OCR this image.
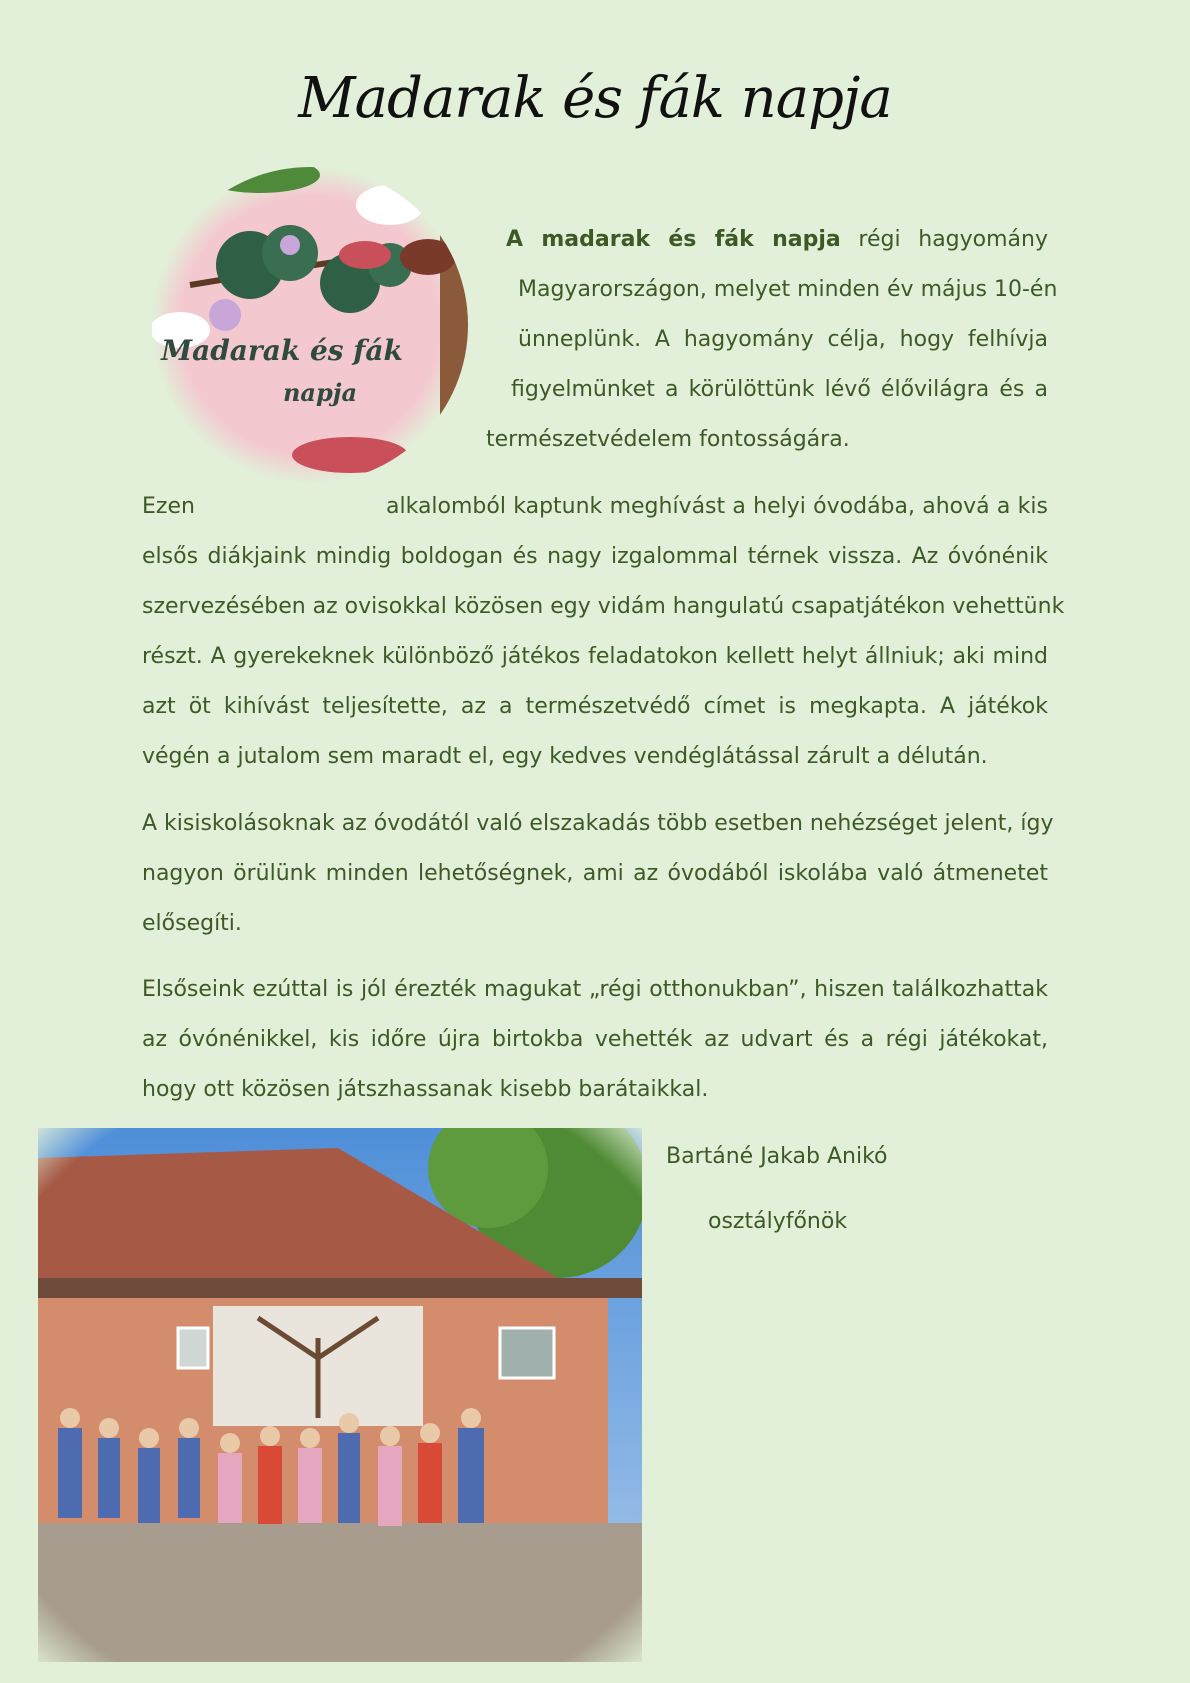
Madarak és fák napja
Madarak és fák
napja
A madarak és fák napja régi hagyomány
Magyarországon, melyet minden év május 10-én
ünneplünk. A hagyomány célja, hogy felhívja
figyelmünket a körülöttünk lévő élővilágra és a
természetvédelem fontosságára.
Ezen	alkalomból kaptunk meghívást a helyi óvodába, ahová a kis
elsős diákjaink mindig boldogan és nagy izgalommal térnek vissza. Az óvónénik
szervezésében az ovisokkal közösen egy vidám hangulatú csapatjátékon vehettünk
részt. A gyerekeknek különböző játékos feladatokon kellett helyt állniuk; aki mind
azt öt kihívást teljesítette, az a természetvédő címet is megkapta. A játékok
végén a jutalom sem maradt el, egy kedves vendéglátással zárult a délután.
A kisiskolásoknak az óvodától való elszakadás több esetben nehézséget jelent, így
nagyon örülünk minden lehetőségnek, ami az óvodából iskolába való átmenetet
elősegíti.
Elsőseink ezúttal is jól érezték magukat „régi otthonukban”, hiszen találkozhattak
az óvónénikkel, kis időre újra birtokba vehették az udvart és a régi játékokat,
hogy ott közösen játszhassanak kisebb barátaikkal.
Bartáné Jakab Anikó
osztályfőnök
